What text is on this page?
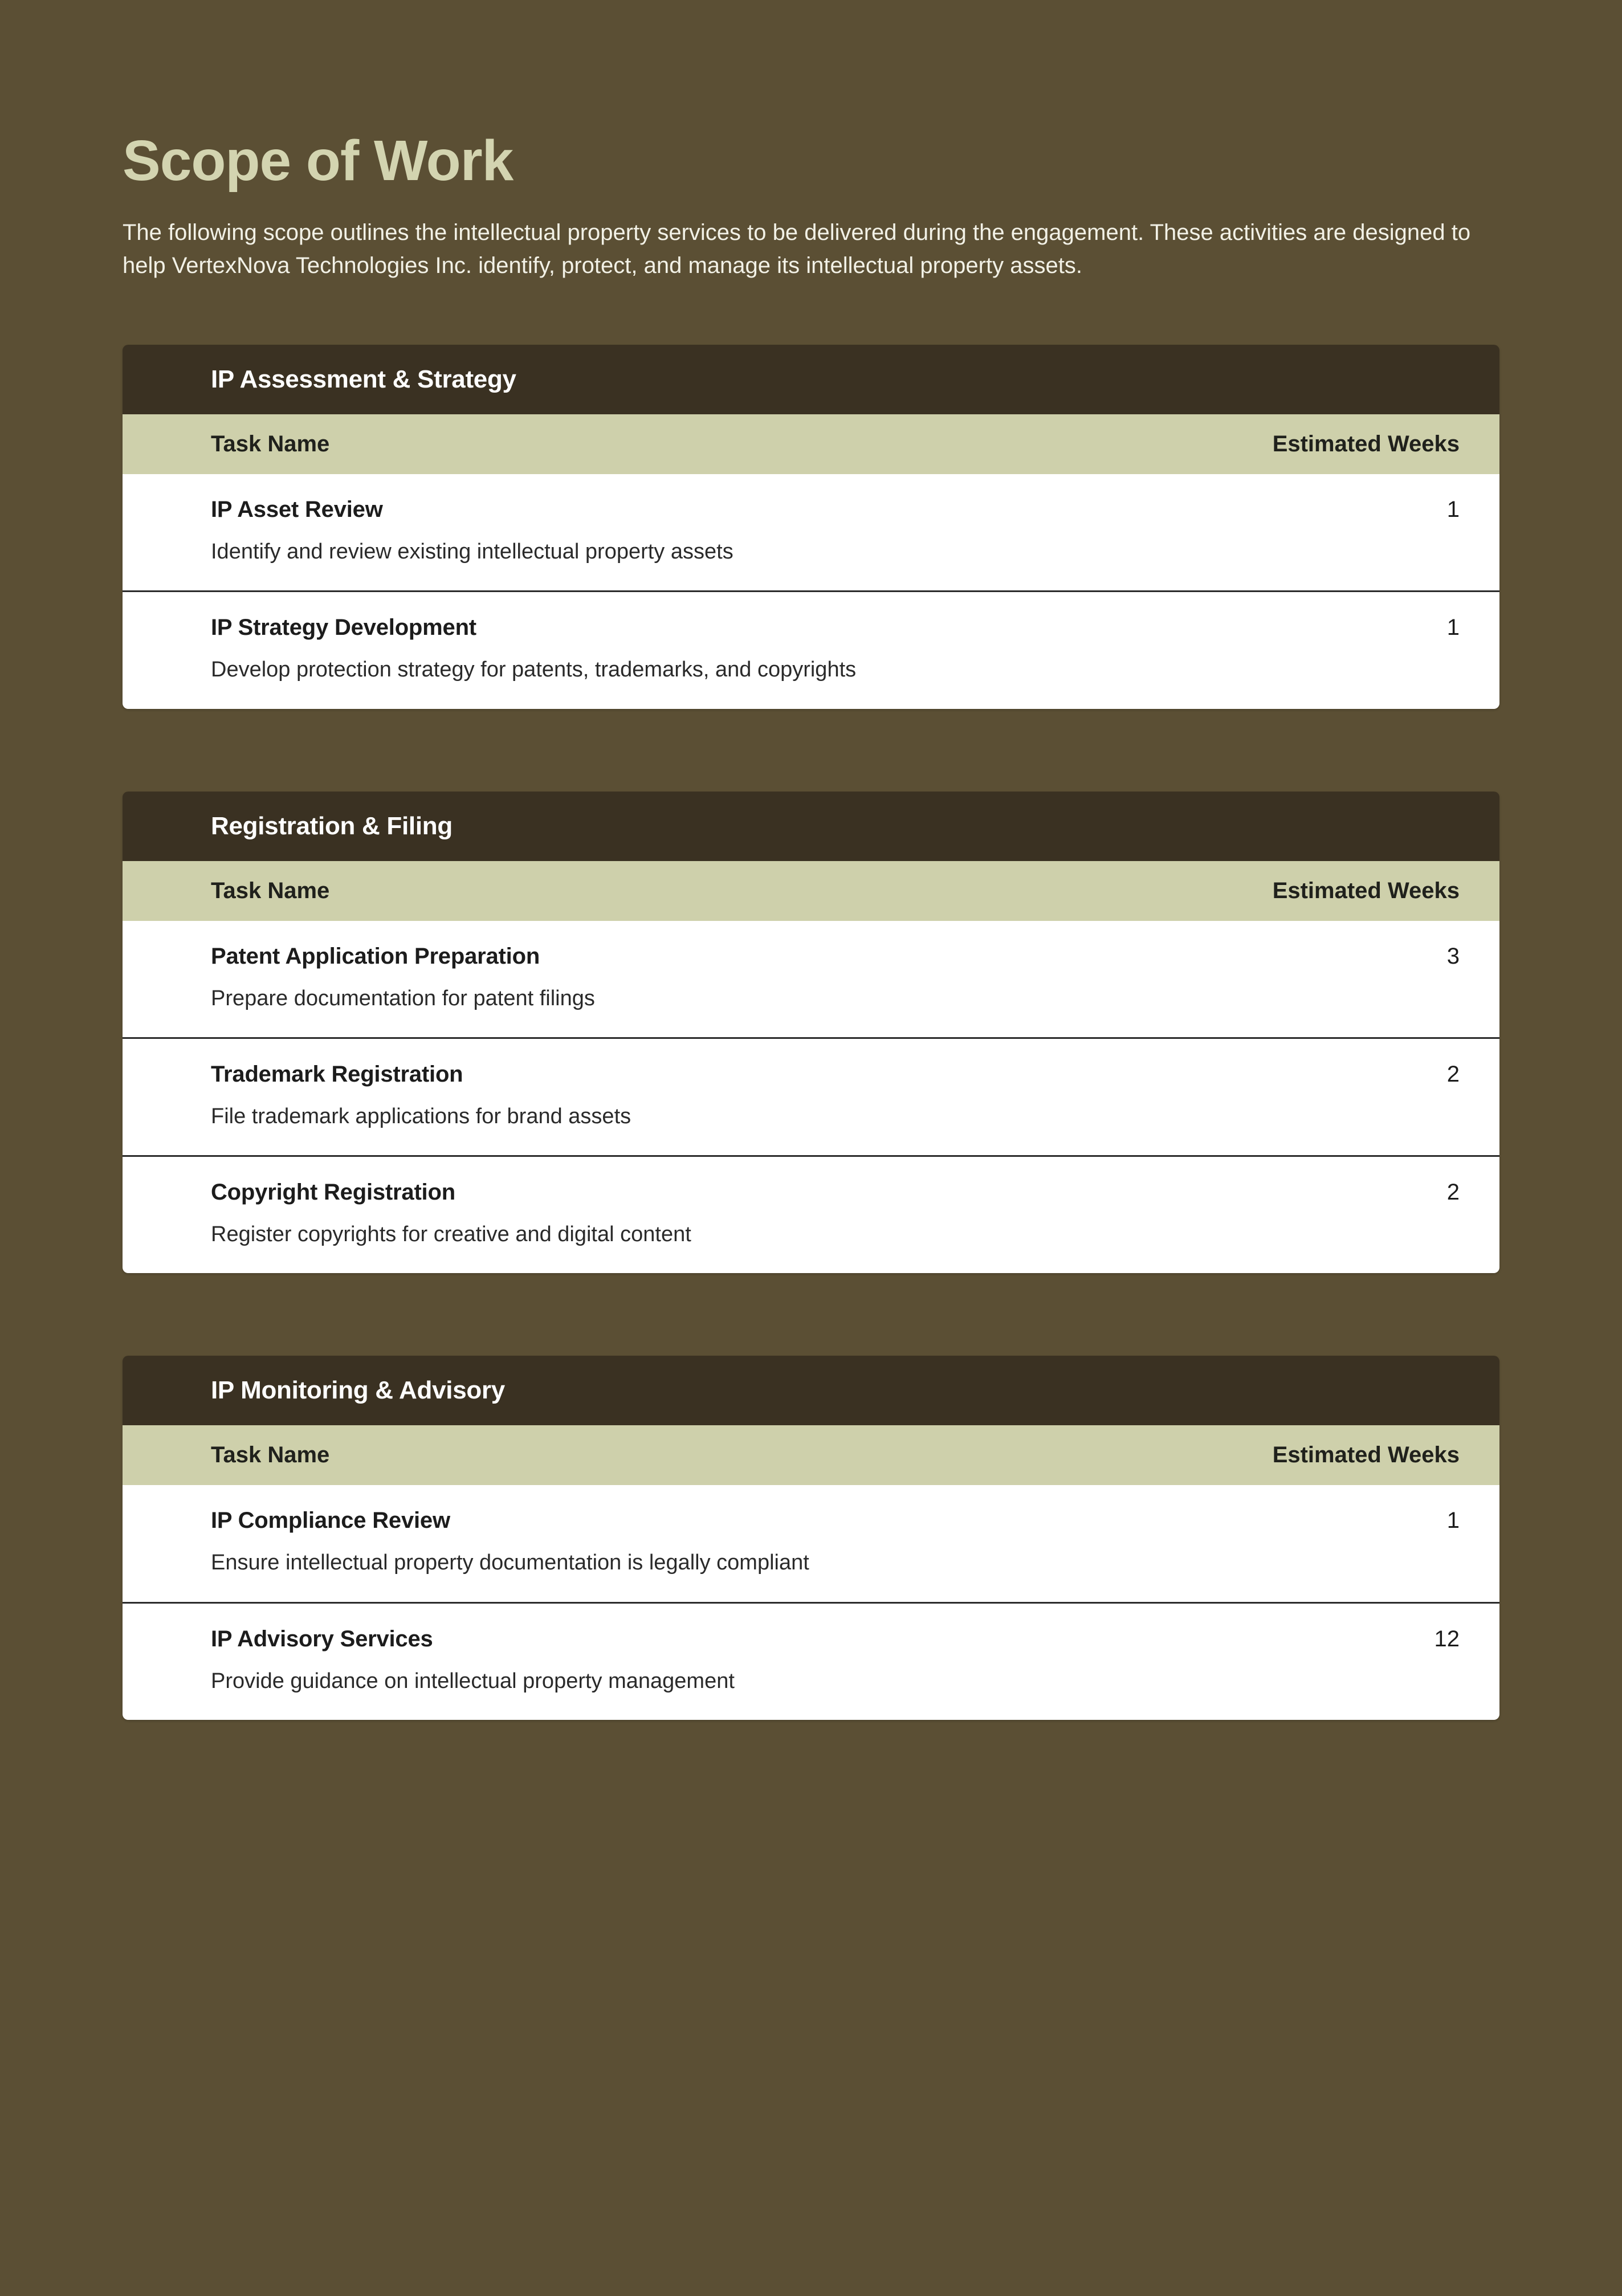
Scope of Work

The following scope outlines the intellectual property services to be delivered during the engagement. These activities are designed to help VertexNova Technologies Inc. identify, protect, and manage its intellectual property assets.

IP Assessment & Strategy
Task Name	Estimated Weeks
IP Asset Review	1
Identify and review existing intellectual property assets
IP Strategy Development	1
Develop protection strategy for patents, trademarks, and copyrights
Registration & Filing
Task Name	Estimated Weeks
Patent Application Preparation	3
Prepare documentation for patent filings
Trademark Registration	2
File trademark applications for brand assets
Copyright Registration	2
Register copyrights for creative and digital content
IP Monitoring & Advisory
Task Name	Estimated Weeks
IP Compliance Review	1
Ensure intellectual property documentation is legally compliant
IP Advisory Services	12
Provide guidance on intellectual property management
